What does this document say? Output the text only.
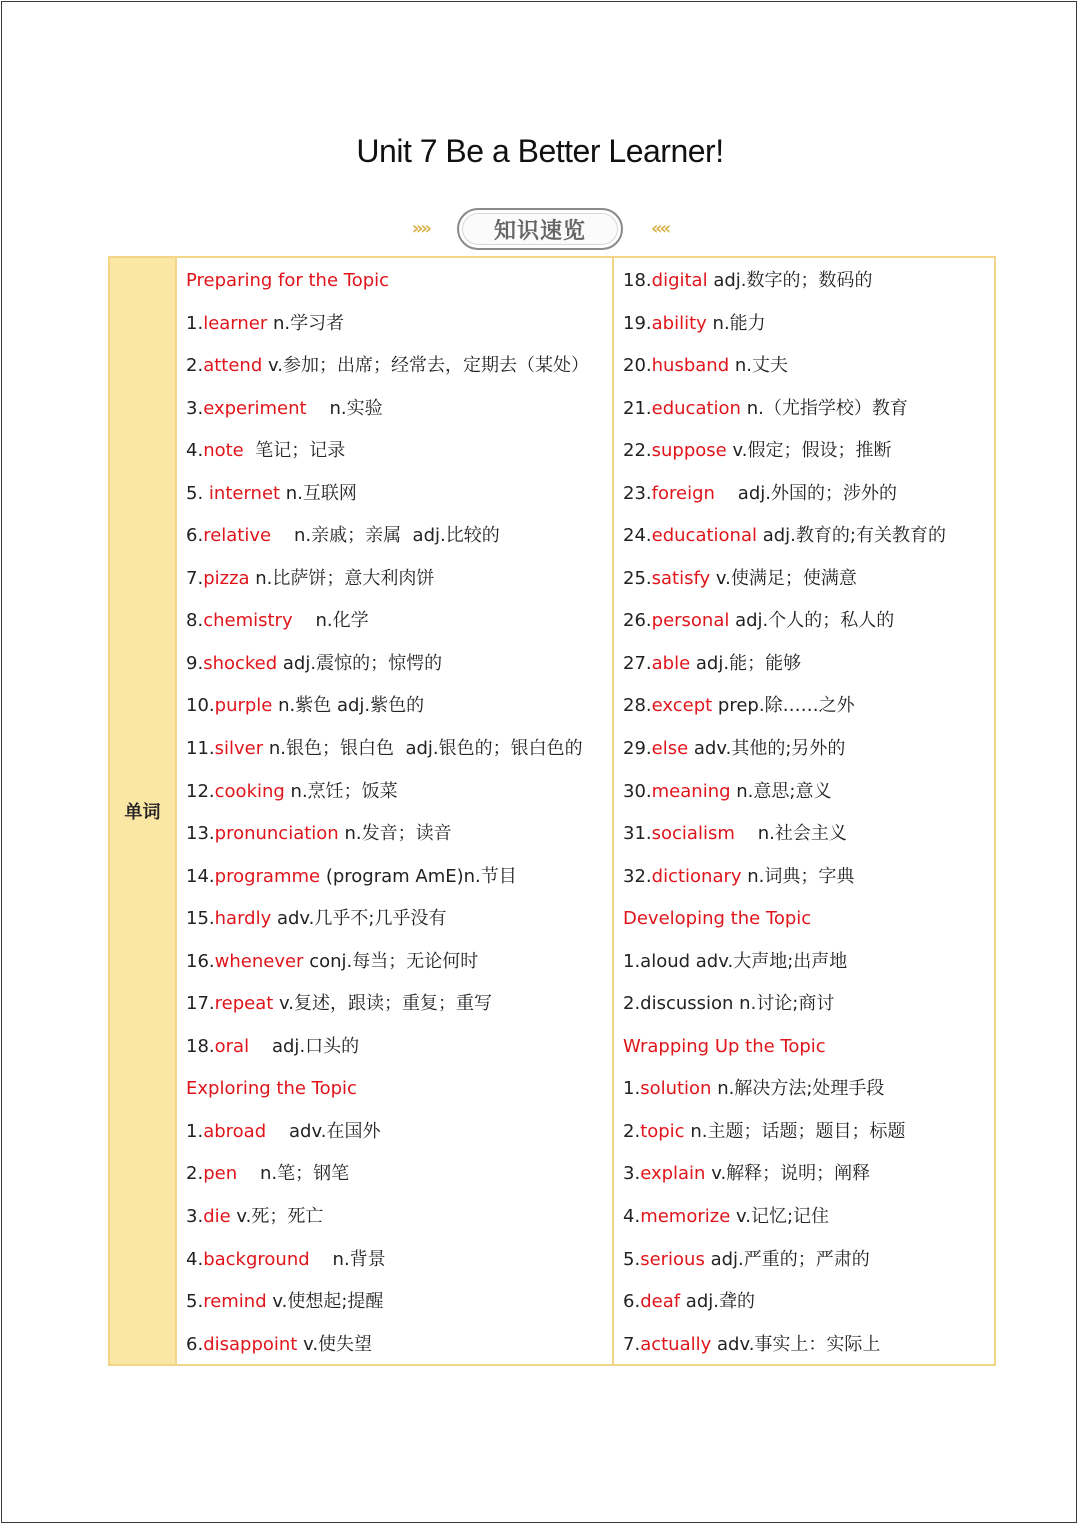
Unit 7 Be a Better Learner!
»»	知识速览	««
单词
Preparing for the Topic
1.learner n.学习者
2.attend v.参加；出席；经常去，定期去（某处）
3.experiment    n.实验
4.note  笔记；记录
5. internet n.互联网
6.relative    n.亲戚；亲属  adj.比较的
7.pizza n.比萨饼；意大利肉饼
8.chemistry    n.化学
9.shocked adj.震惊的；惊愕的
10.purple n.紫色 adj.紫色的
11.silver n.银色；银白色  adj.银色的；银白色的
12.cooking n.烹饪；饭菜
13.pronunciation n.发音；读音
14.programme (program AmE)n.节目
15.hardly adv.几乎不;几乎没有
16.whenever conj.每当；无论何时
17.repeat v.复述，跟读；重复；重写
18.oral    adj.口头的
Exploring the Topic
1.abroad    adv.在国外
2.pen    n.笔；钢笔
3.die v.死；死亡
4.background    n.背景
5.remind v.使想起;提醒
6.disappoint v.使失望
18.digital adj.数字的；数码的
19.ability n.能力
20.husband n.丈夫
21.education n.（尤指学校）教育
22.suppose v.假定；假设；推断
23.foreign    adj.外国的；涉外的
24.educational adj.教育的;有关教育的
25.satisfy v.使满足；使满意
26.personal adj.个人的；私人的
27.able adj.能；能够
28.except prep.除……之外
29.else adv.其他的;另外的
30.meaning n.意思;意义
31.socialism    n.社会主义
32.dictionary n.词典；字典
Developing the Topic
1.aloud adv.大声地;出声地
2.discussion n.讨论;商讨
Wrapping Up the Topic
1.solution n.解决方法;处理手段
2.topic n.主题；话题；题目；标题
3.explain v.解释；说明；阐释
4.memorize v.记忆;记住
5.serious adj.严重的；严肃的
6.deaf adj.聋的
7.actually adv.事实上：实际上
